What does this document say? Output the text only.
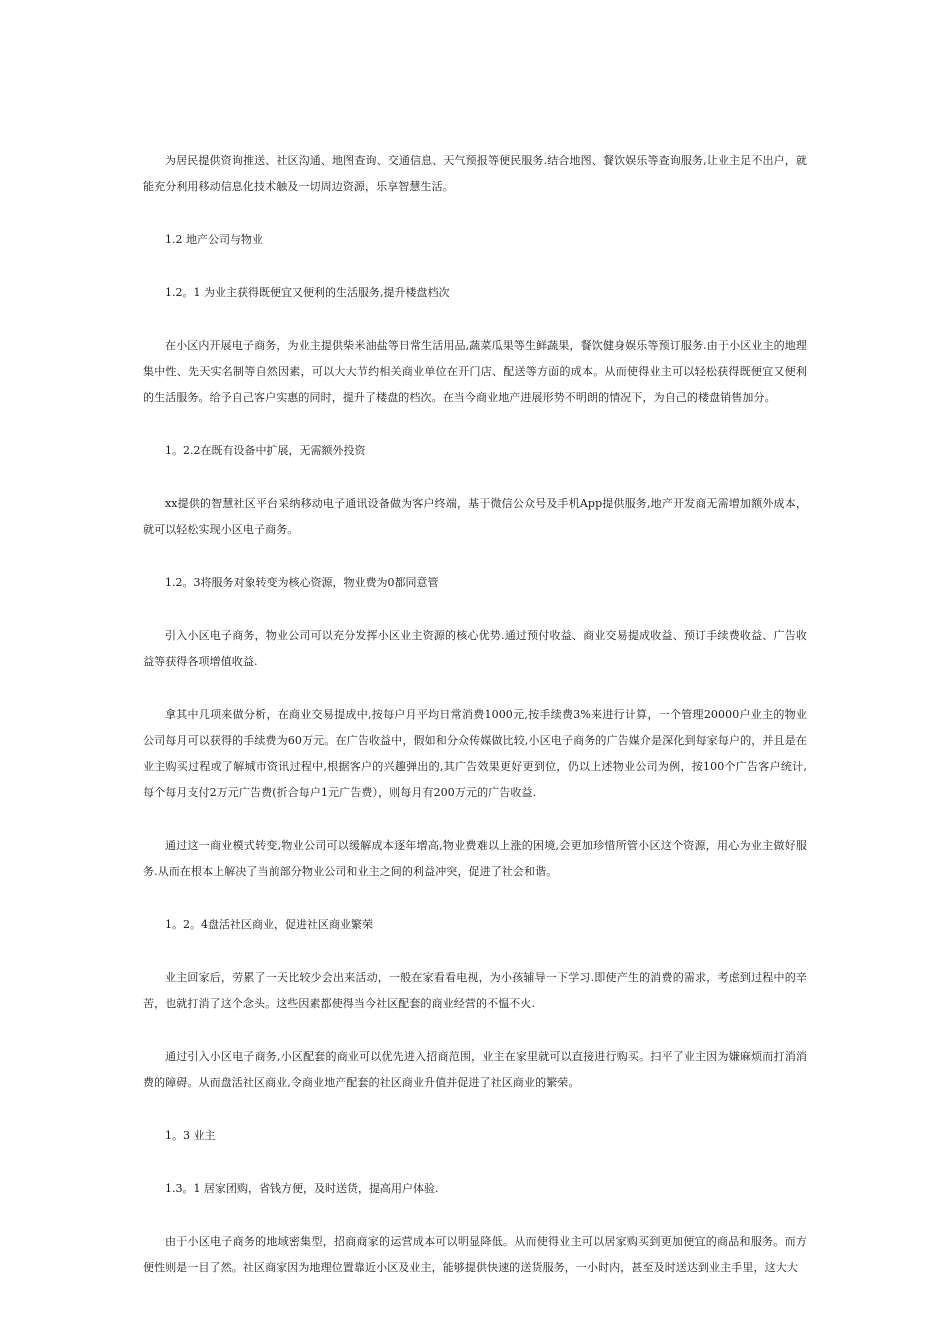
为居民提供资询推送、社区沟通、地图查询、交通信息、天气预报等便民服务.结合地图、餐饮娱乐等查询服务,让业主足不出户，就能充分利用移动信息化技术触及一切周边资源，乐享智慧生活。
1.2 地产公司与物业
1.2。1 为业主获得既便宜又便利的生活服务,提升楼盘档次
在小区内开展电子商务，为业主提供柴米油盐等日常生活用品,蔬菜瓜果等生鲜蔬果，餐饮健身娱乐等预订服务.由于小区业主的地理集中性、先天实名制等自然因素，可以大大节约相关商业单位在开门店、配送等方面的成本。从而使得业主可以轻松获得既便宜又便利的生活服务。给予自己客户实惠的同时，提升了楼盘的档次。在当今商业地产进展形势不明朗的情况下，为自己的楼盘销售加分。
1。2.2在既有设备中扩展，无需额外投资
xx提供的智慧社区平台采纳移动电子通讯设备做为客户终端，基于微信公众号及手机App提供服务,地产开发商无需增加额外成本，就可以轻松实现小区电子商务。
1.2。3将服务对象转变为核心资源，物业费为0都同意管
引入小区电子商务，物业公司可以充分发挥小区业主资源的核心优势.通过预付收益、商业交易提成收益、预订手续费收益、广告收益等获得各项增值收益.
拿其中几项来做分析，在商业交易提成中,按每户月平均日常消费1000元,按手续费3%来进行计算，一个管理20000户业主的物业公司每月可以获得的手续费为60万元。在广告收益中，假如和分众传媒做比较,小区电子商务的广告媒介是深化到每家每户的，并且是在业主购买过程或了解城市资讯过程中,根据客户的兴趣弹出的,其广告效果更好更到位，仍以上述物业公司为例，按100个广告客户统计,每个每月支付2万元广告费(折合每户1元广告费），则每月有200万元的广告收益.
通过这一商业模式转变,物业公司可以缓解成本逐年增高,物业费难以上涨的困境,会更加珍惜所管小区这个资源，用心为业主做好服务.从而在根本上解决了当前部分物业公司和业主之间的利益冲突，促进了社会和谐。
1。2。4盘活社区商业，促进社区商业繁荣
业主回家后，劳累了一天比较少会出来活动，一般在家看看电视，为小孩辅导一下学习.即使产生的消费的需求，考虑到过程中的辛苦，也就打消了这个念头。这些因素都使得当今社区配套的商业经营的不愠不火.
通过引入小区电子商务,小区配套的商业可以优先进入招商范围，业主在家里就可以直接进行购买。扫平了业主因为嫌麻烦而打消消费的障碍。从而盘活社区商业,令商业地产配套的社区商业升值并促进了社区商业的繁荣。
1。3 业主
1.3。1 居家团购，省钱方便，及时送货，提高用户体验.
由于小区电子商务的地域密集型，招商商家的运营成本可以明显降低。从而使得业主可以居家购买到更加便宜的商品和服务。而方便性则是一目了然。社区商家因为地理位置靠近小区及业主，能够提供快速的送货服务，一小时内，甚至及时送达到业主手里，这大大
